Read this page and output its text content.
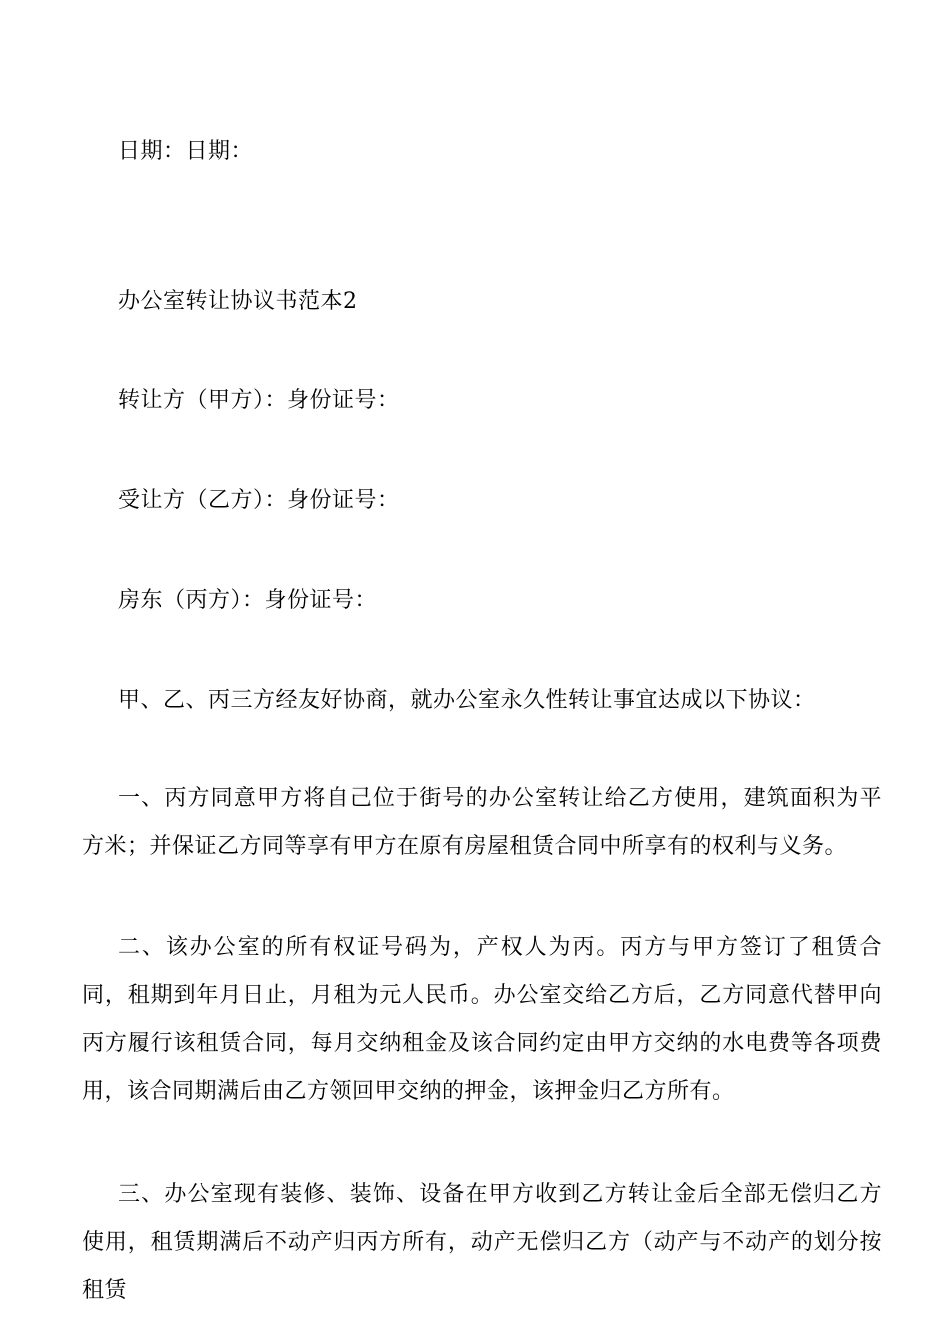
日期：日期：
办公室转让协议书范本2
转让方（甲方）：身份证号：
受让方（乙方）：身份证号：
房东（丙方）：身份证号：
甲、乙、丙三方经友好协商，就办公室永久性转让事宜达成以下协议：
一、丙方同意甲方将自己位于街号的办公室转让给乙方使用，建筑面积为平方米；并保证乙方同等享有甲方在原有房屋租赁合同中所享有的权利与义务。
二、该办公室的所有权证号码为，产权人为丙。丙方与甲方签订了租赁合同，租期到年月日止，月租为元人民币。办公室交给乙方后，乙方同意代替甲向丙方履行该租赁合同，每月交纳租金及该合同约定由甲方交纳的水电费等各项费用，该合同期满后由乙方领回甲交纳的押金，该押金归乙方所有。
三、办公室现有装修、装饰、设备在甲方收到乙方转让金后全部无偿归乙方使用，租赁期满后不动产归丙方所有，动产无偿归乙方（动产与不动产的划分按租赁
